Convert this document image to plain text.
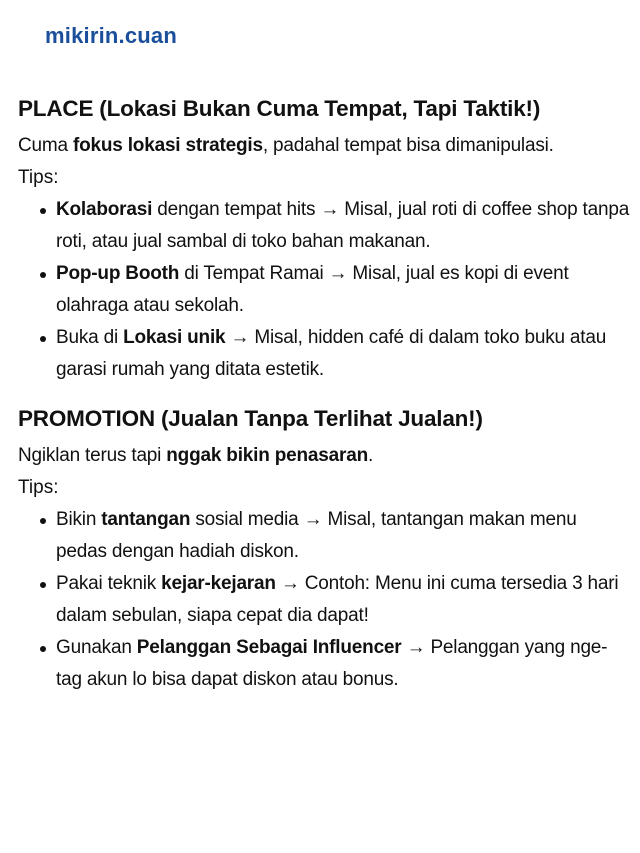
mikirin.cuan
PLACE (Lokasi Bukan Cuma Tempat, Tapi Taktik!)

Cuma fokus lokasi strategis, padahal tempat bisa dimanipulasi.

Tips:
Kolaborasi dengan tempat hits → Misal, jual roti di coffee shop tanpa roti, atau jual sambal di toko bahan makanan.
Pop-up Booth di Tempat Ramai → Misal, jual es kopi di event olahraga atau sekolah.
Buka di Lokasi unik → Misal, hidden café di dalam toko buku atau garasi rumah yang ditata estetik.
PROMOTION (Jualan Tanpa Terlihat Jualan!)

Ngiklan terus tapi nggak bikin penasaran.

Tips:
Bikin tantangan sosial media → Misal, tantangan makan menu pedas dengan hadiah diskon.
Pakai teknik kejar-kejaran → Contoh: Menu ini cuma tersedia 3 hari dalam sebulan, siapa cepat dia dapat!
Gunakan Pelanggan Sebagai Influencer → Pelanggan yang nge-tag akun lo bisa dapat diskon atau bonus.
